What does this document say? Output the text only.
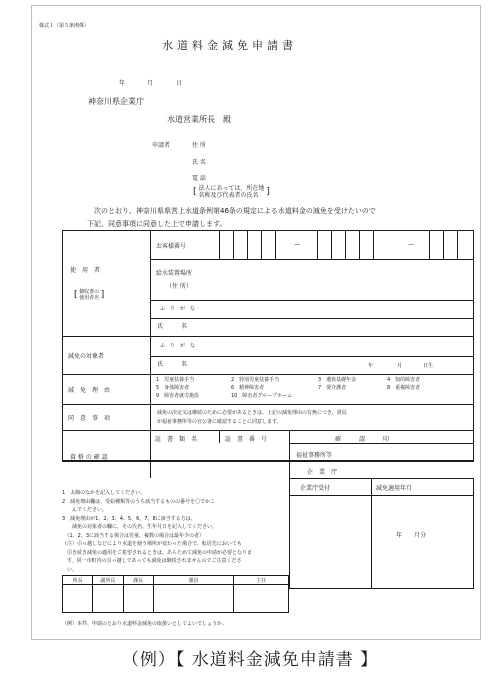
様式１（第５条関係）
水道料金減免申請書
年	月	日
神奈川県企業庁
水道営業所長　殿
申請者	住 所
氏 名
電 話
[ 法人にあっては、所在地
名称及び代表者の氏名 ]
次のとおり、神奈川県県営上水道条例第46条の規定による水道料金の減免を受けたいので
下記、同意事項に同意した上で申請します。
使　用　者
[ 個収書の
使用者名 ]
お客様番号	—	—
給水装置場所
（住 所）
ふ　り　が　な
氏　　　名
減免の対象者
ふ　り　が　な
氏　　　名	年	月	日生
減　免　理　由
1　児童扶養手当	2　特別児童扶養手当	3　遺族基礎年金	4　知的障害者
5　身体障害者	6　精神障害者	7　要介護者	8　重複障害者
9　障害者就労施設	10　障害者グループホーム
同　意　事　項
減免の決定又は継続のために必要があるときは、上記の減免理由の有無につき、貴局
が福祉事務所等の官公署に確認することに同意します。
資 格 の 確 認
証　書　類　名	証　書　番　号	確　　　認　　　印
福祉事務所等
企　業　庁
1　太線のなかを記入してください。
2　減免理由欄は、受給種類等のうち該当するものの番号を〇でかこ
　　んでください。
3　減免理由が1、2、3、4、5、6、7、8に該当する方は、
　　減免の対象者の欄に、その氏名、生年月日を記入してください。
　（1、2、3に該当する場合は児童、複数の場合は最年少の者）
（注）引っ越しなどにより水道を使う場所が変わった場合で、転居先においても
　引き続き減免の適用をご希望されるときは、あらためて減免の申請が必要となりま
　す。同一市町内の引っ越しであっても減免は継続されませんのでご注意くださ
　い。
企業庁受付	減免適用年月
年　　月分
所長	副所長	課長	課員	主任

（例）本件、申請のとおり水道料金減免の取扱いとしてよいでしょうか。
（例）【 水道料金減免申請書 】
